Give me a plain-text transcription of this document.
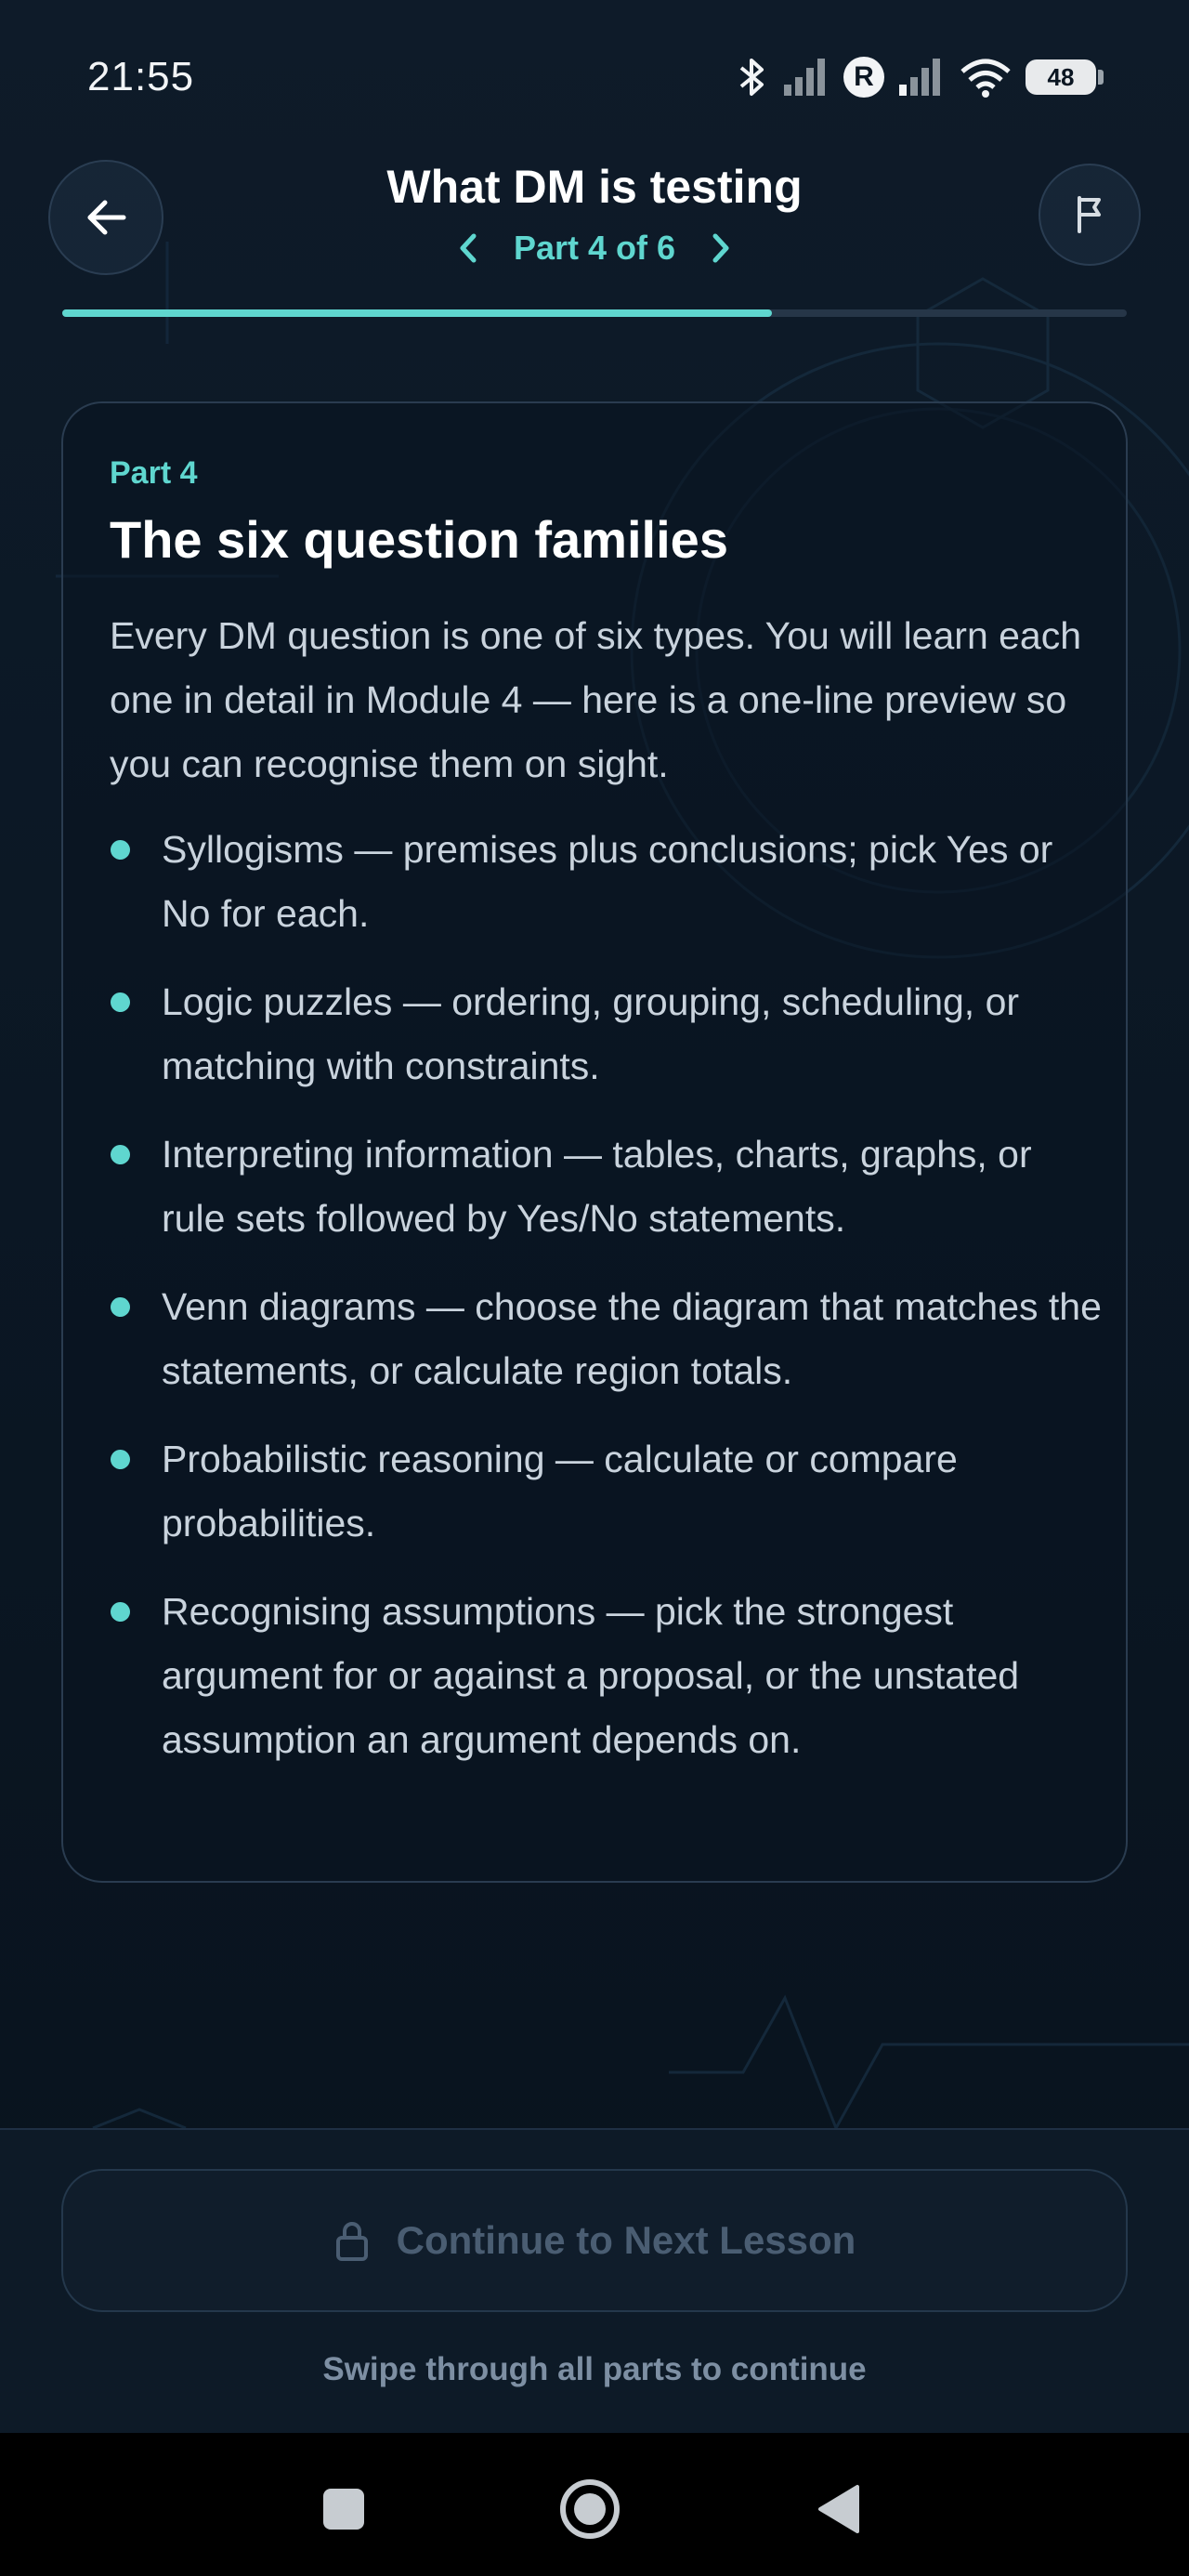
21:55	R	48
What DM is testing
Part 4 of 6
Part 4
The six question families

Every DM question is one of six types. You will learn each one in detail in Module 4 — here is a one-line preview so you can recognise them on sight.

Syllogisms — premises plus conclusions; pick Yes or No for each.
Logic puzzles — ordering, grouping, scheduling, or matching with constraints.
Interpreting information — tables, charts, graphs, or rule sets followed by Yes/No statements.
Venn diagrams — choose the diagram that matches the statements, or calculate region totals.
Probabilistic reasoning — calculate or compare probabilities.
Recognising assumptions — pick the strongest argument for or against a proposal, or the unstated assumption an argument depends on.
Continue to Next Lesson
Swipe through all parts to continue
